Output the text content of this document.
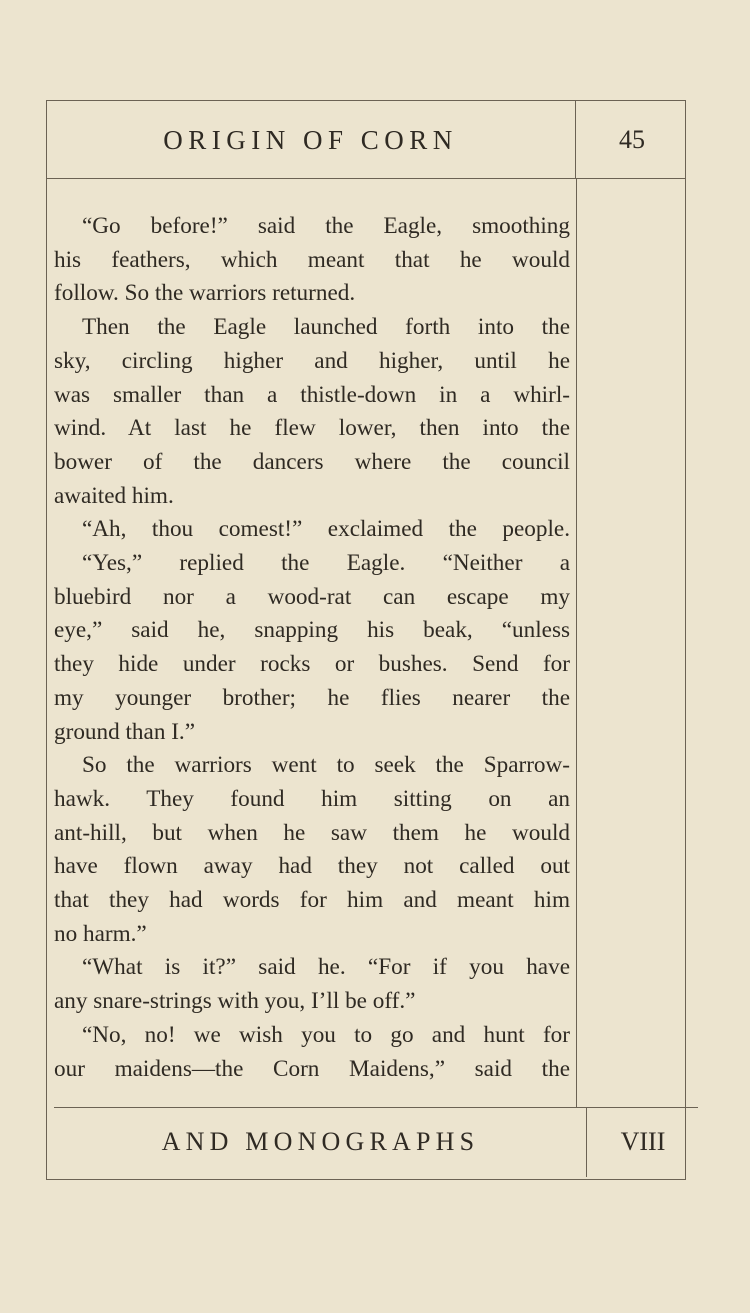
ORIGIN OF CORN	45
“Go before!” said the Eagle, smoothing
his feathers, which meant that he would
follow. So the warriors returned.
Then the Eagle launched forth into the
sky, circling higher and higher, until he
was smaller than a thistle-down in a whirl-
wind. At last he flew lower, then into the
bower of the dancers where the council
awaited him.
“Ah, thou comest!” exclaimed the people.
“Yes,” replied the Eagle. “Neither a
bluebird nor a wood-rat can escape my
eye,” said he, snapping his beak, “unless
they hide under rocks or bushes. Send for
my younger brother; he flies nearer the
ground than I.”
So the warriors went to seek the Sparrow-
hawk. They found him sitting on an
ant-hill, but when he saw them he would
have flown away had they not called out
that they had words for him and meant him
no harm.”
“What is it?” said he. “For if you have
any snare-strings with you, I’ll be off.”
“No, no! we wish you to go and hunt for
our maidens—the Corn Maidens,” said the
AND MONOGRAPHS	VIII
